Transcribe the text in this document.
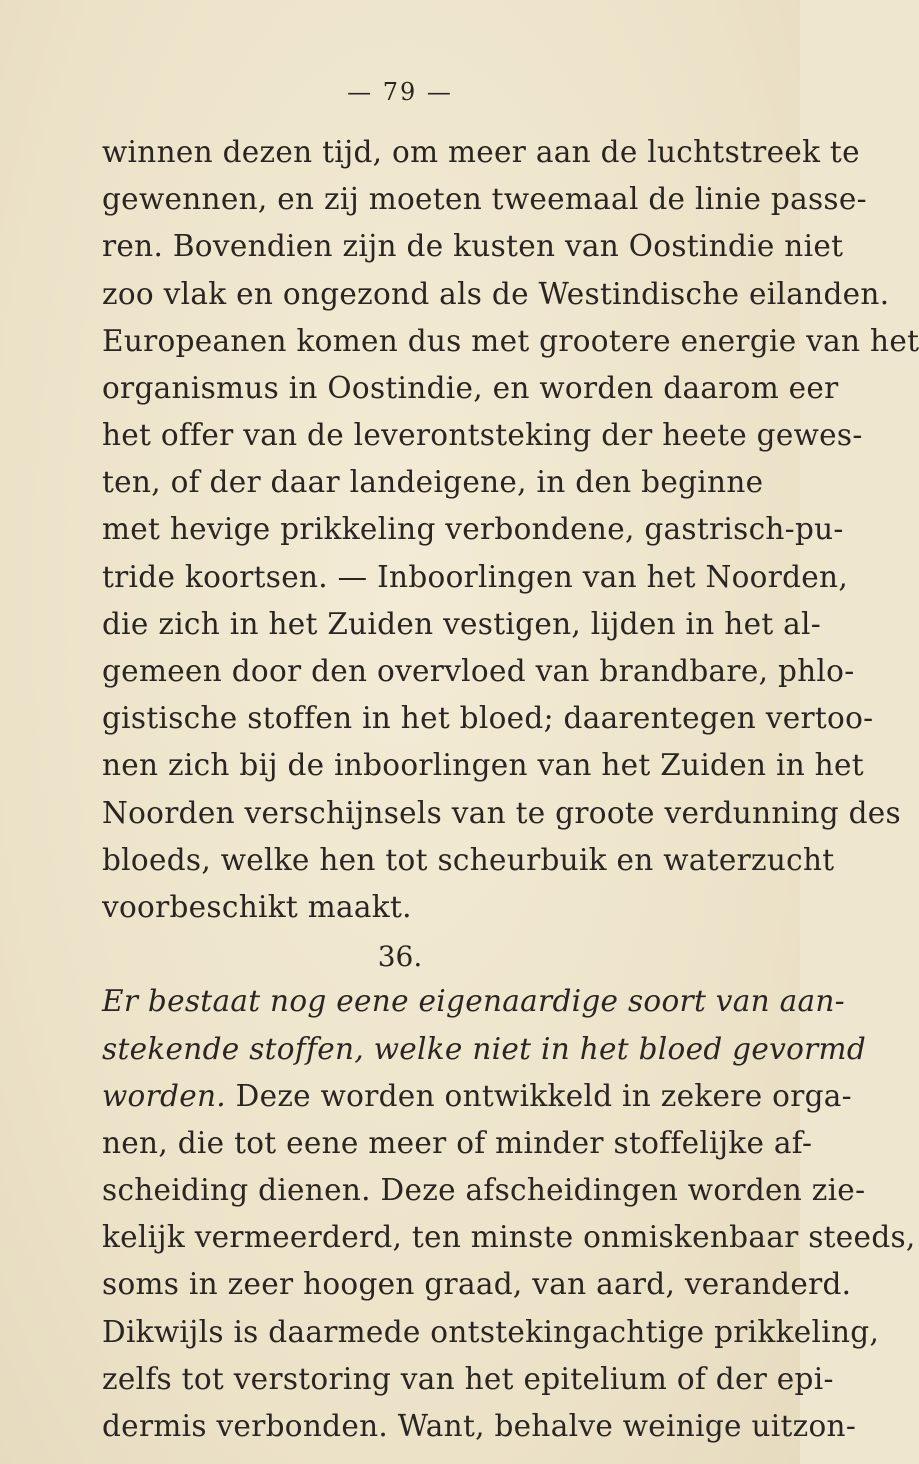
— 79 —
winnen dezen tijd, om meer aan de luchtstreek te
gewennen, en zij moeten tweemaal de linie passe-
ren. Bovendien zijn de kusten van Oostindie niet
zoo vlak en ongezond als de Westindische eilanden.
Europeanen komen dus met grootere energie van het
organismus in Oostindie, en worden daarom eer
het offer van de leverontsteking der heete gewes-
ten, of der daar landeigene, in den beginne
met hevige prikkeling verbondene, gastrisch-pu-
tride koortsen. — Inboorlingen van het Noorden,
die zich in het Zuiden vestigen, lijden in het al-
gemeen door den overvloed van brandbare, phlo-
gistische stoffen in het bloed; daarentegen vertoo-
nen zich bij de inboorlingen van het Zuiden in het
Noorden verschijnsels van te groote verdunning des
bloeds, welke hen tot scheurbuik en waterzucht
voorbeschikt maakt.
36.
Er bestaat nog eene eigenaardige soort van aan-
stekende stoffen, welke niet in het bloed gevormd
worden. Deze worden ontwikkeld in zekere orga-
nen, die tot eene meer of minder stoffelijke af-
scheiding dienen. Deze afscheidingen worden zie-
kelijk vermeerderd, ten minste onmiskenbaar steeds,
soms in zeer hoogen graad, van aard, veranderd.
Dikwijls is daarmede ontstekingachtige prikkeling,
zelfs tot verstoring van het epitelium of der epi-
dermis verbonden. Want, behalve weinige uitzon-
